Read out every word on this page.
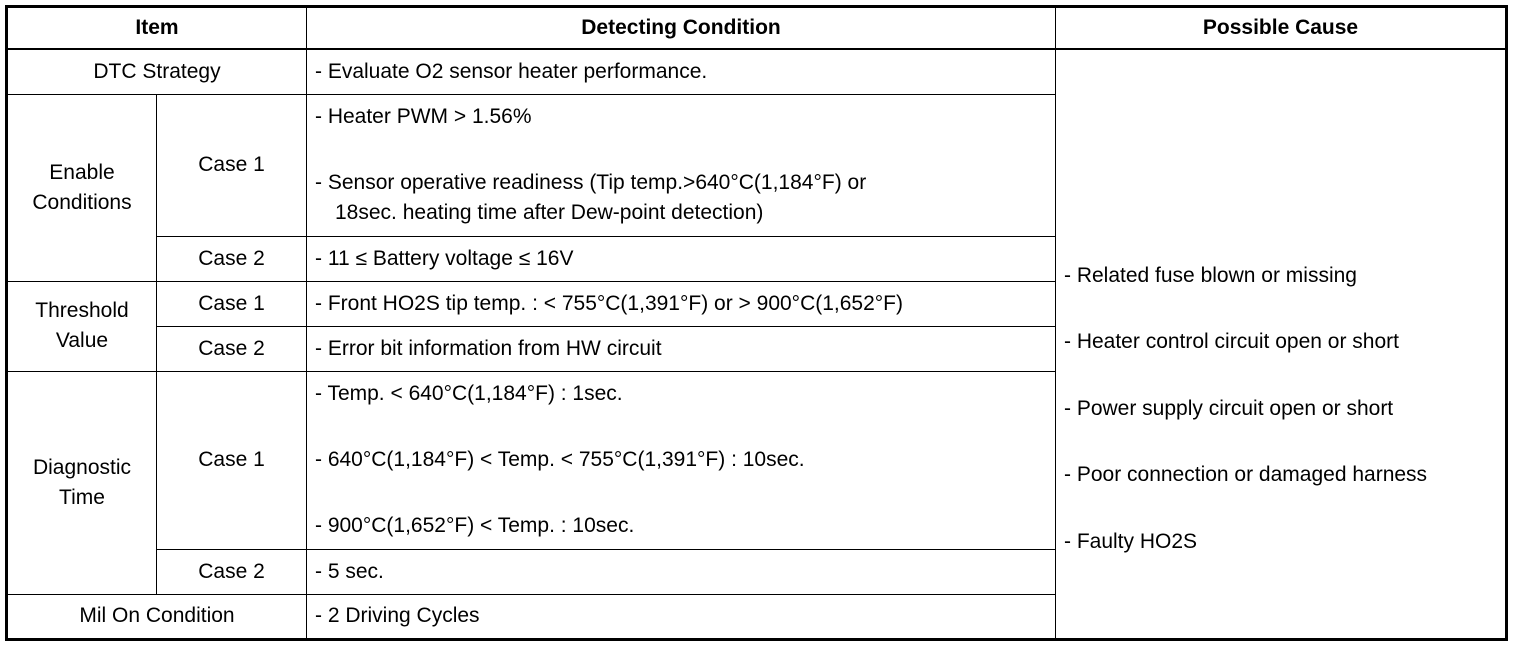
Item		Detecting Condition	Possible Cause
DTC Strategy		- Evaluate O2 sensor heater performance.	- Related fuse blown or missing
- Heater control circuit open or short
- Power supply circuit open or short
- Poor connection or damaged harness
- Faulty HO2S

Enable
Conditions	Case 1	- Heater PWM > 1.56%
- Sensor operative readiness (Tip temp.>640°C(1,184°F) or
18sec. heating time after Dew-point detection)	

	Case 2	- 11 ≤ Battery voltage ≤ 16V	

Threshold
Value	Case 1	- Front HO2S tip temp. : < 755°C(1,391°F) or > 900°C(1,652°F)	
	Case 2	- Error bit information from HW circuit	

Diagnostic
Time	Case 1	- Temp. < 640°C(1,184°F) : 1sec.
- 640°C(1,184°F) < Temp. < 755°C(1,391°F) : 10sec.
- 900°C(1,652°F) < Temp. : 10sec.	

	Case 2	- 5 sec.	
Mil On Condition		- 2 Driving Cycles	
